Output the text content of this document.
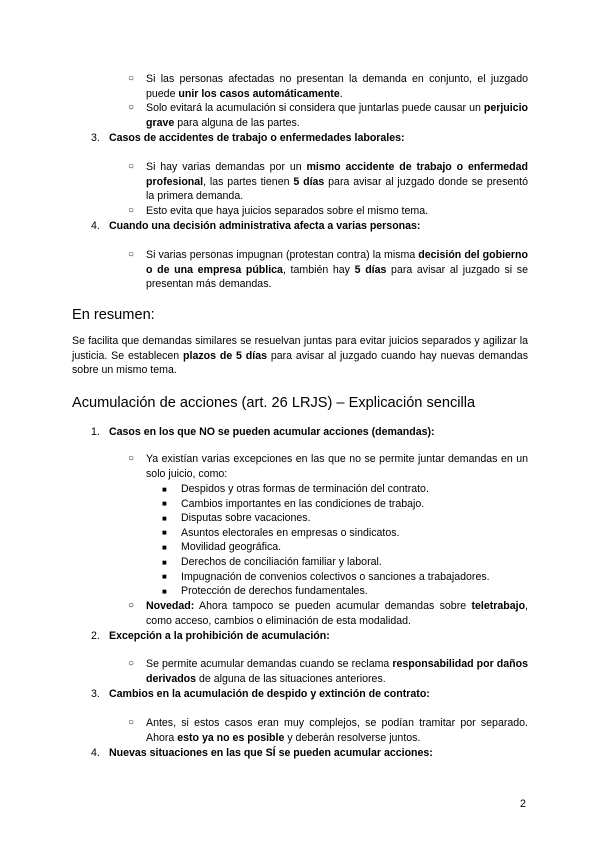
○ Si las personas afectadas no presentan la demanda en conjunto, el juzgado puede unir los casos automáticamente.
○ Solo evitará la acumulación si considera que juntarlas puede causar un perjuicio grave para alguna de las partes.
3. Casos de accidentes de trabajo o enfermedades laborales:
○ Si hay varias demandas por un mismo accidente de trabajo o enfermedad profesional, las partes tienen 5 días para avisar al juzgado donde se presentó la primera demanda.
○ Esto evita que haya juicios separados sobre el mismo tema.
4. Cuando una decisión administrativa afecta a varias personas:
○ Si varias personas impugnan (protestan contra) la misma decisión del gobierno o de una empresa pública, también hay 5 días para avisar al juzgado si se presentan más demandas.
En resumen:
Se facilita que demandas similares se resuelvan juntas para evitar juicios separados y agilizar la justicia. Se establecen plazos de 5 días para avisar al juzgado cuando hay nuevas demandas sobre un mismo tema.
Acumulación de acciones (art. 26 LRJS) – Explicación sencilla
1. Casos en los que NO se pueden acumular acciones (demandas):
○ Ya existían varias excepciones en las que no se permite juntar demandas en un solo juicio, como:
■ Despidos y otras formas de terminación del contrato.
■ Cambios importantes en las condiciones de trabajo.
■ Disputas sobre vacaciones.
■ Asuntos electorales en empresas o sindicatos.
■ Movilidad geográfica.
■ Derechos de conciliación familiar y laboral.
■ Impugnación de convenios colectivos o sanciones a trabajadores.
■ Protección de derechos fundamentales.
○ Novedad: Ahora tampoco se pueden acumular demandas sobre teletrabajo, como acceso, cambios o eliminación de esta modalidad.
2. Excepción a la prohibición de acumulación:
○ Se permite acumular demandas cuando se reclama responsabilidad por daños derivados de alguna de las situaciones anteriores.
3. Cambios en la acumulación de despido y extinción de contrato:
○ Antes, si estos casos eran muy complejos, se podían tramitar por separado. Ahora esto ya no es posible y deberán resolverse juntos.
4. Nuevas situaciones en las que SÍ se pueden acumular acciones:
2
